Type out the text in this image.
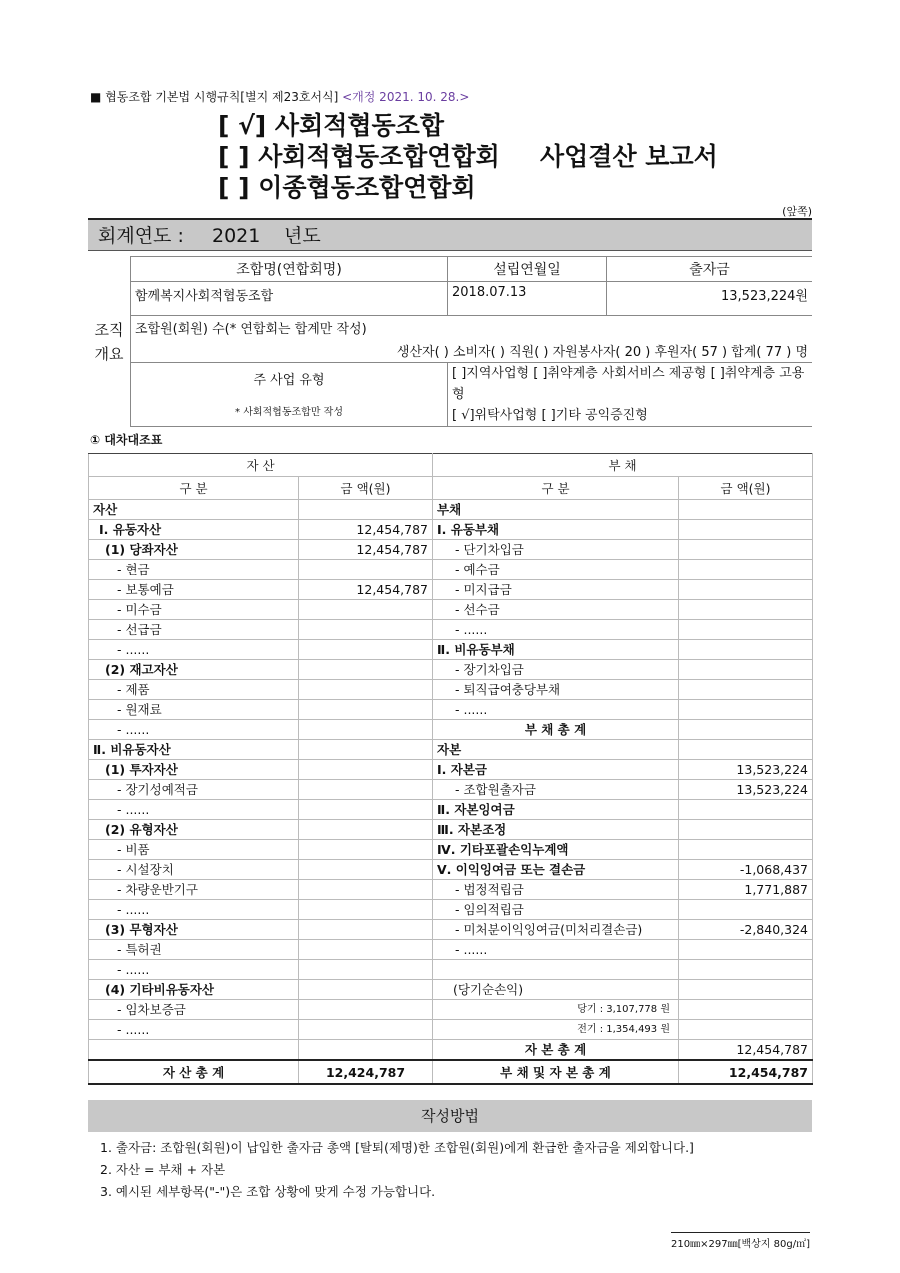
■ 협동조합 기본법 시행규칙[별지 제23호서식] <개정 2021. 10. 28.>
[ √] 사회적협동조합
[ ] 사회적협동조합연합회 사업결산 보고서
[ ] 이종협동조합연합회
(앞쪽)
회계연도 : 2021 년도
조직 개요	조합명(연합회명)	설립연월일	출자금
	함께복지사회적협동조합	2018.07.13	13,523,224원
	조합원(회원) 수(* 연합회는 합계만 작성)		
	생산자( ) 소비자( ) 직원( ) 자원봉사자( 20 ) 후원자( 57 ) 합계( 77 ) 명		
	주 사업 유형	[ ]지역사업형 [ ]취약계층 사회서비스 제공형 [ ]취약계층 고용형
[ √]위탁사업형 [ ]기타 공익증진형	

	* 사회적협동조합만 작성		
① 대차대조표
자 산		부 채	
구 분	금 액(원)	구 분	금 액(원)
자산		부채	
Ⅰ. 유동자산	12,454,787	Ⅰ. 유동부채	
(1) 당좌자산	12,454,787	- 단기차입금	
- 현금		- 예수금	
- 보통예금	12,454,787	- 미지급금	
- 미수금		- 선수금	
- 선급금		- ......	
- ......		Ⅱ. 비유동부채	
(2) 재고자산		- 장기차입금	
- 제품		- 퇴직급여충당부채	
- 원재료		- ......	
- ......		부 채 총 계	
Ⅱ. 비유동자산		자본	
(1) 투자자산		Ⅰ. 자본금	13,523,224
- 장기성예적금		- 조합원출자금	13,523,224
- ......		Ⅱ. 자본잉여금	
(2) 유형자산		Ⅲ. 자본조정	
- 비품		Ⅳ. 기타포괄손익누계액	
- 시설장치		Ⅴ. 이익잉여금 또는 결손금	-1,068,437
- 차량운반기구		- 법정적립금	1,771,887
- ......		- 임의적립금	
(3) 무형자산		- 미처분이익잉여금(미처리결손금)	-2,840,324
- 특허권		- ......	
- ......			
(4) 기타비유동자산		(당기순손익)	
- 임차보증금		당기 : 3,107,778 원	
- ......		전기 : 1,354,493 원	
		자 본 총 계	12,454,787
자 산 총 계	12,424,787	부 채 및 자 본 총 계	12,454,787
작성방법
1. 출자금: 조합원(회원)이 납입한 출자금 총액 [탈퇴(제명)한 조합원(회원)에게 환급한 출자금을 제외합니다.]
2. 자산 = 부채 + 자본
3. 예시된 세부항목("-")은 조합 상황에 맞게 수정 가능합니다.
210㎜×297㎜[백상지 80g/㎡]
